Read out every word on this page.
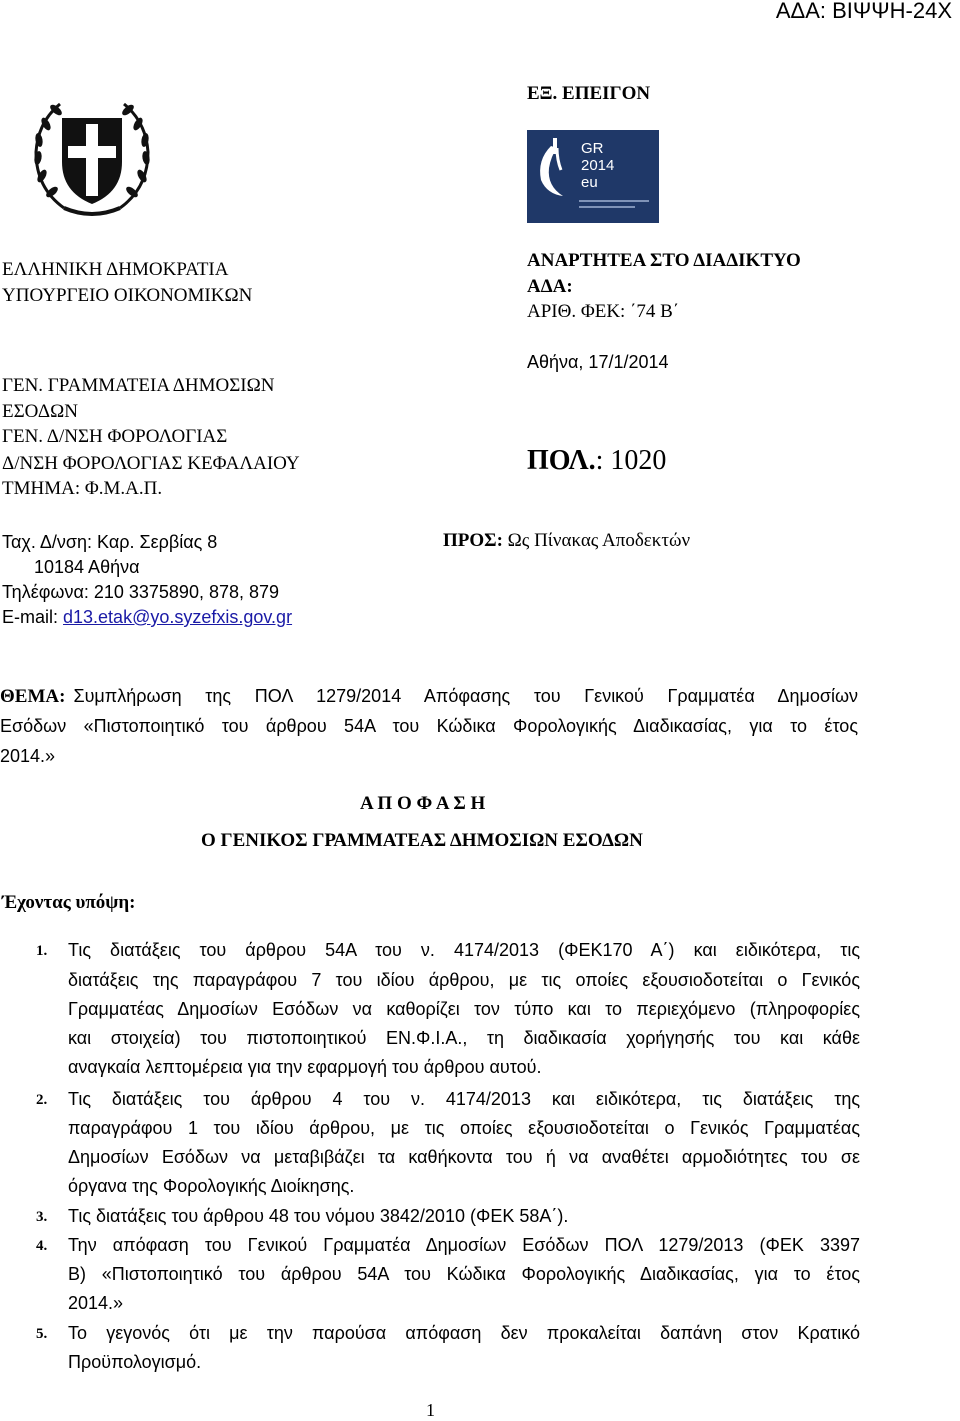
ΑΔΑ: ΒΙΨΨΗ-24Χ
ΕΞ. ΕΠΕΙΓΟΝ
GR
2014
eu
ΕΛΛΗΝΙΚΗ ΔΗΜΟΚΡΑΤΙΑ
ΥΠΟΥΡΓΕΙΟ ΟΙΚΟΝΟΜΙΚΩΝ
ΓΕΝ. ΓΡΑΜΜΑΤΕΙΑ ΔΗΜΟΣΙΩΝ
ΕΣΟΔΩΝ
ΓΕΝ. Δ/ΝΣΗ ΦΟΡΟΛΟΓΙΑΣ
Δ/ΝΣΗ ΦΟΡΟΛΟΓΙΑΣ ΚΕΦΑΛΑΙΟΥ
ΤΜΗΜΑ: Φ.Μ.Α.Π.
Ταχ. Δ/νση: Καρ. Σερβίας 8
10184 Αθήνα
Τηλέφωνα: 210 3375890, 878, 879
E-mail: d13.etak@yo.syzefxis.gov.gr
ΑΝΑΡΤΗΤΕΑ ΣΤΟ ΔΙΑΔΙΚΤΥΟ
ΑΔΑ:
ΑΡΙΘ. ΦΕΚ: ΄74 Β΄
Αθήνα, 17/1/2014
ΠΟΛ.: 1020
ΠΡΟΣ: Ως Πίνακας Αποδεκτών
ΘΕΜΑ: Συμπλήρωση της ΠΟΛ 1279/2014 Απόφασης του Γενικού Γραμματέα Δημοσίων
Εσόδων «Πιστοποιητικό του άρθρου 54Α του Κώδικα Φορολογικής Διαδικασίας, για το έτος
2014.»
Α Π Ο Φ Α Σ Η
Ο ΓΕΝΙΚΟΣ ΓΡΑΜΜΑΤΕΑΣ ΔΗΜΟΣΙΩΝ ΕΣΟΔΩΝ
Έχοντας υπόψη:
1. Τις διατάξεις του άρθρου 54Α του ν. 4174/2013 (ΦΕΚ170 Α΄) και ειδικότερα, τις
διατάξεις της παραγράφου 7 του ιδίου άρθρου, με τις οποίες εξουσιοδοτείται ο Γενικός
Γραμματέας Δημοσίων Εσόδων να καθορίζει τον τύπο και το περιεχόμενο (πληροφορίες
και στοιχεία) του πιστοποιητικού ΕΝ.Φ.Ι.Α., τη διαδικασία χορήγησής του και κάθε
αναγκαία λεπτομέρεια για την εφαρμογή του άρθρου αυτού.
2. Τις διατάξεις του άρθρου 4 του ν. 4174/2013 και ειδικότερα, τις διατάξεις της
παραγράφου 1 του ιδίου άρθρου, με τις οποίες εξουσιοδοτείται ο Γενικός Γραμματέας
Δημοσίων Εσόδων να μεταβιβάζει τα καθήκοντα του ή να αναθέτει αρμοδιότητες του σε
όργανα της Φορολογικής Διοίκησης.
3. Τις διατάξεις του άρθρου 48 του νόμου 3842/2010 (ΦΕΚ 58Α΄).
4. Την απόφαση του Γενικού Γραμματέα Δημοσίων Εσόδων ΠΟΛ 1279/2013 (ΦΕΚ 3397
Β) «Πιστοποιητικό του άρθρου 54Α του Κώδικα Φορολογικής Διαδικασίας, για το έτος
2014.»
5. Το γεγονός ότι με την παρούσα απόφαση δεν προκαλείται δαπάνη στον Κρατικό
Προϋπολογισμό.
1
